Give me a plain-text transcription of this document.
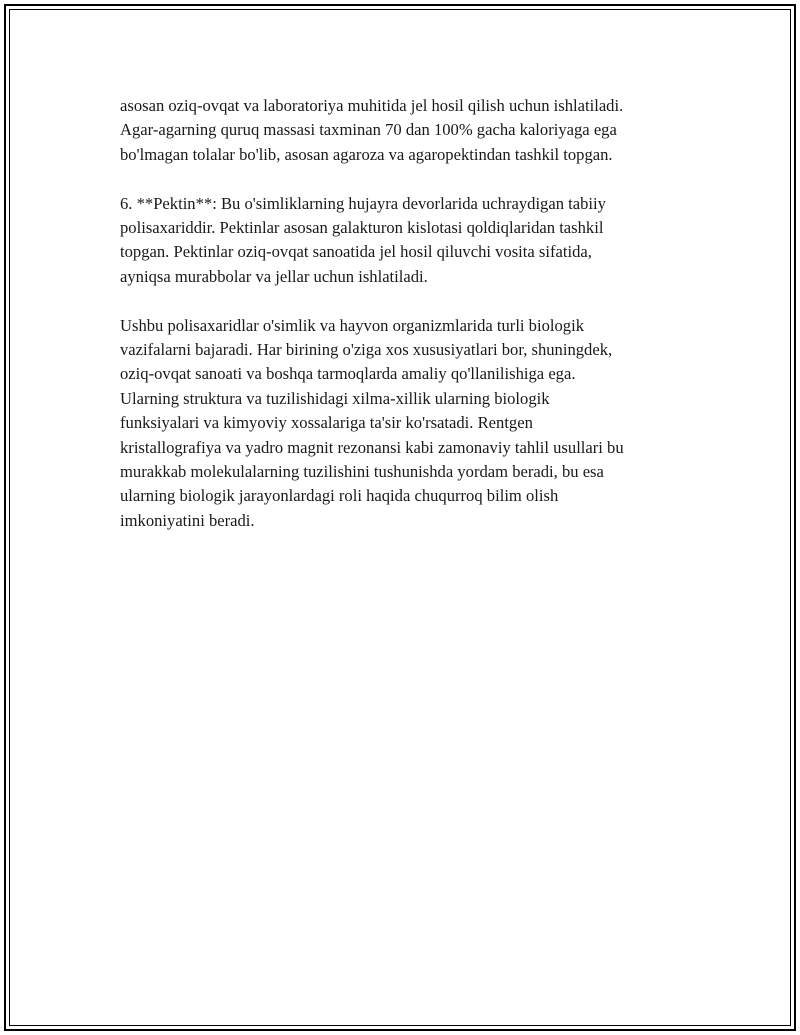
asosan oziq-ovqat va laboratoriya muhitida jel hosil qilish uchun ishlatiladi.
Agar-agarning quruq massasi taxminan 70 dan 100% gacha kaloriyaga ega
bo'lmagan tolalar bo'lib, asosan agaroza va agaropektindan tashkil topgan.

6. **Pektin**: Bu o'simliklarning hujayra devorlarida uchraydigan tabiiy
polisaxariddir. Pektinlar asosan galakturon kislotasi qoldiqlaridan tashkil
topgan. Pektinlar oziq-ovqat sanoatida jel hosil qiluvchi vosita sifatida,
ayniqsa murabbolar va jellar uchun ishlatiladi.

Ushbu polisaxaridlar o'simlik va hayvon organizmlarida turli biologik
vazifalarni bajaradi. Har birining o'ziga xos xususiyatlari bor, shuningdek,
oziq-ovqat sanoati va boshqa tarmoqlarda amaliy qo'llanilishiga ega.
Ularning struktura va tuzilishidagi xilma-xillik ularning biologik
funksiyalari va kimyoviy xossalariga ta'sir ko'rsatadi. Rentgen
kristallografiya va yadro magnit rezonansi kabi zamonaviy tahlil usullari bu
murakkab molekulalarning tuzilishini tushunishda yordam beradi, bu esa
ularning biologik jarayonlardagi roli haqida chuqurroq bilim olish
imkoniyatini beradi.
